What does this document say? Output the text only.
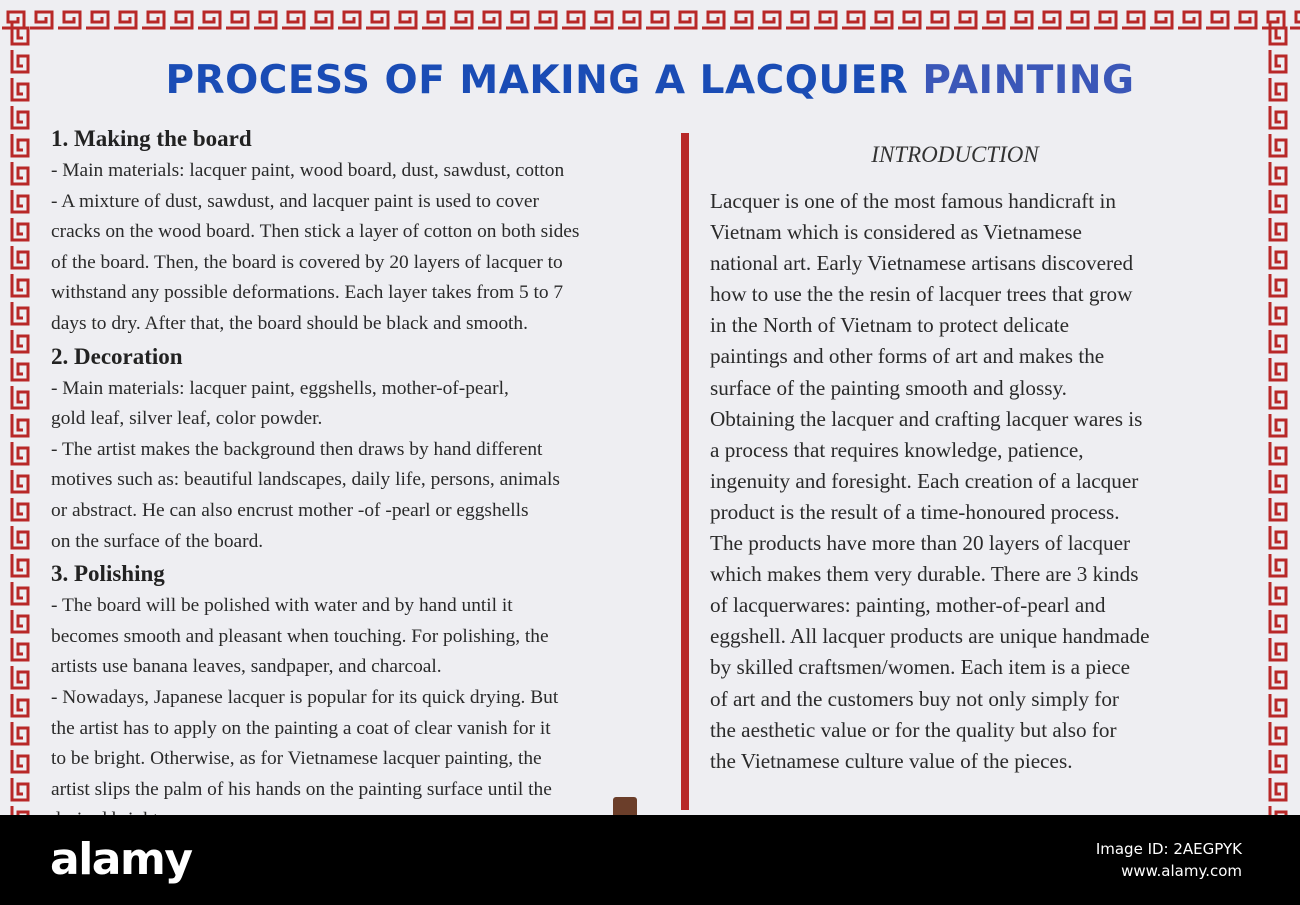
PROCESS OF MAKING A LACQUER PAINTING
1. Making the board
- Main materials: lacquer paint, wood board, dust, sawdust, cotton
- A mixture of dust, sawdust, and lacquer paint is used to cover
cracks on the wood board. Then stick a layer of cotton on both sides
of the board. Then, the board is covered by 20 layers of lacquer to
withstand any possible deformations. Each layer takes from 5 to 7
days to dry. After that, the board should be black and smooth.
2. Decoration
- Main materials: lacquer paint, eggshells, mother-of-pearl,
gold leaf, silver leaf, color powder.
- The artist makes the background then draws by hand different
motives such as: beautiful landscapes, daily life, persons, animals
or abstract. He can also encrust mother -of -pearl or eggshells
on the surface of the board.
3. Polishing
- The board will be polished with water and by hand until it
becomes smooth and pleasant when touching. For polishing, the
artists use banana leaves, sandpaper, and charcoal.
- Nowadays, Japanese lacquer is popular for its quick drying. But
the artist has to apply on the painting a coat of clear vanish for it
to be bright. Otherwise, as for Vietnamese lacquer painting, the
artist slips the palm of his hands on the painting surface until the
INTRODUCTION
Lacquer is one of the most famous handicraft in
Vietnam which is considered as Vietnamese
national art. Early Vietnamese artisans discovered
how to use the the resin of lacquer trees that grow
in the North of Vietnam to protect delicate
paintings and other forms of art and makes the
surface of the painting smooth and glossy.
Obtaining the lacquer and crafting lacquer wares is
a process that requires knowledge, patience,
ingenuity and foresight. Each creation of a lacquer
product is the result of a time-honoured process.
The products have more than 20 layers of lacquer
which makes them very durable. There are 3 kinds
of lacquerwares: painting, mother-of-pearl and
eggshell. All lacquer products are unique handmade
by skilled craftsmen/women. Each item is a piece
of art and the customers buy not only simply for
the aesthetic value or for the quality but also for
the Vietnamese culture value of the pieces.
alamy	Image ID: 2AEGPYK
www.alamy.com
